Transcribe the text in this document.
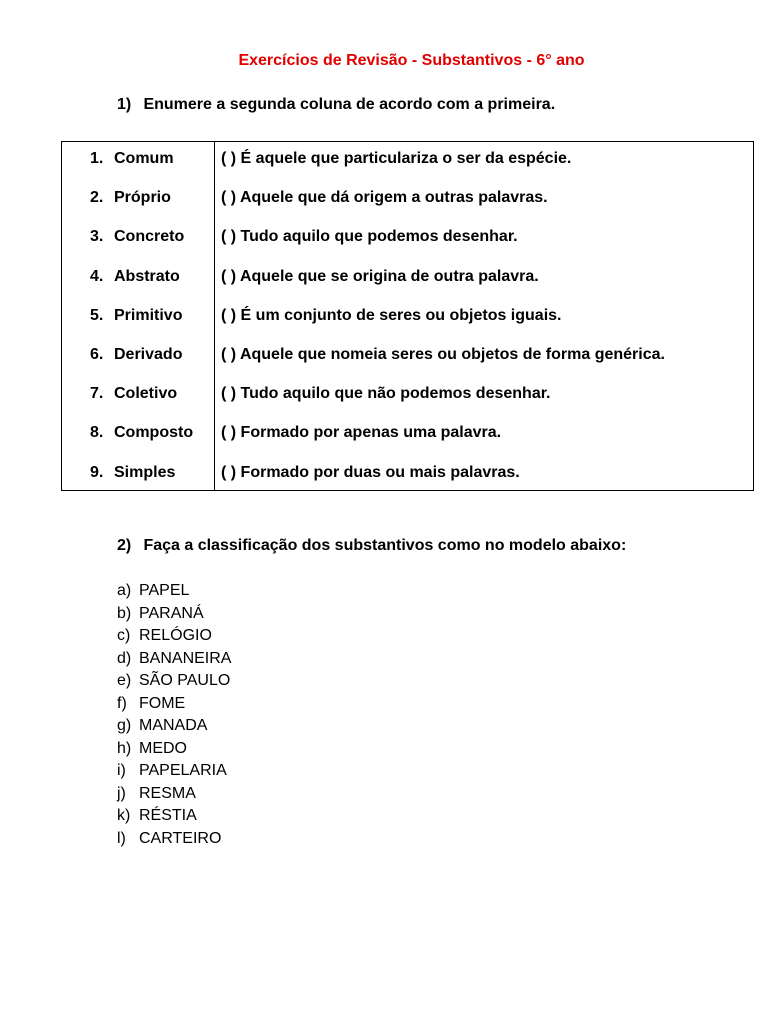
Exercícios de Revisão - Substantivos - 6° ano
1) Enumere a segunda coluna de acordo com a primeira.
1. Comum	( ) É aquele que particulariza o ser da espécie.
2. Próprio	( ) Aquele que dá origem a outras palavras.
3. Concreto ( ) Tudo aquilo que podemos desenhar.
4. Abstrato	( ) Aquele que se origina de outra palavra.
5. Primitivo ( ) É um conjunto de seres ou objetos iguais.
6. Derivado ( ) Aquele que nomeia seres ou objetos de forma genérica.
7. Coletivo	( ) Tudo aquilo que não podemos desenhar.
8. Composto ( ) Formado por apenas uma palavra.
9. Simples	( ) Formado por duas ou mais palavras.
2) Faça a classificação dos substantivos como no modelo abaixo:
a) PAPEL
b) PARANÁ
c) RELÓGIO
d) BANANEIRA
e) SÃO PAULO
f) FOME
g) MANADA
h) MEDO
i) PAPELARIA
j) RESMA
k) RÉSTIA
l) CARTEIRO
